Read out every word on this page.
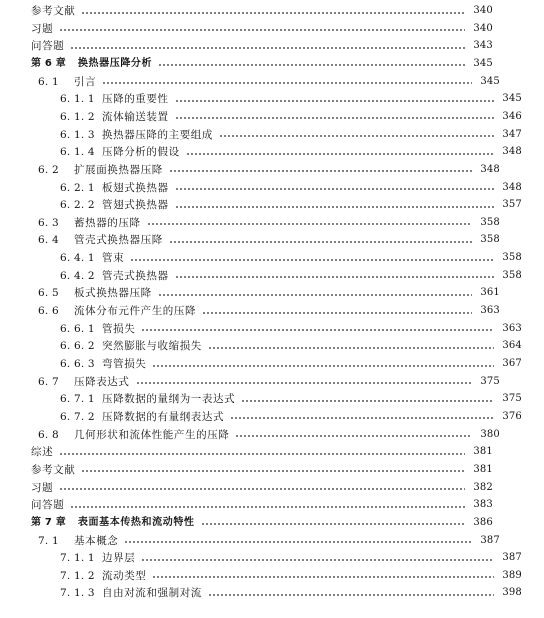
参考文献	340
习题	340
问答题	343
第 6 章 换热器压降分析	345
6. 1	引言	345
6. 1. 1 压降的重要性	345
6. 1. 2 流体输送装置	346
6. 1. 3 换热器压降的主要组成	347
6. 1. 4 压降分析的假设	348
6. 2	扩展面换热器压降	348
6. 2. 1 板翅式换热器	348
6. 2. 2 管翅式换热器	357
6. 3	蓄热器的压降	358
6. 4	管壳式换热器压降	358
6. 4. 1 管束	358
6. 4. 2 管壳式换热器	358
6. 5	板式换热器压降	361
6. 6	流体分布元件产生的压降	363
6. 6. 1 管损失	363
6. 6. 2 突然膨胀与收缩损失	364
6. 6. 3 弯管损失	367
6. 7	压降表达式	375
6. 7. 1 压降数据的量纲为一表达式	375
6. 7. 2 压降数据的有量纲表达式	376
6. 8	几何形状和流体性能产生的压降	380
综述	381
参考文献	381
习题	382
问答题	383
第 7 章 表面基本传热和流动特性	386
7. 1	基本概念	387
7. 1. 1 边界层	387
7. 1. 2 流动类型	389
7. 1. 3 自由对流和强制对流	398
